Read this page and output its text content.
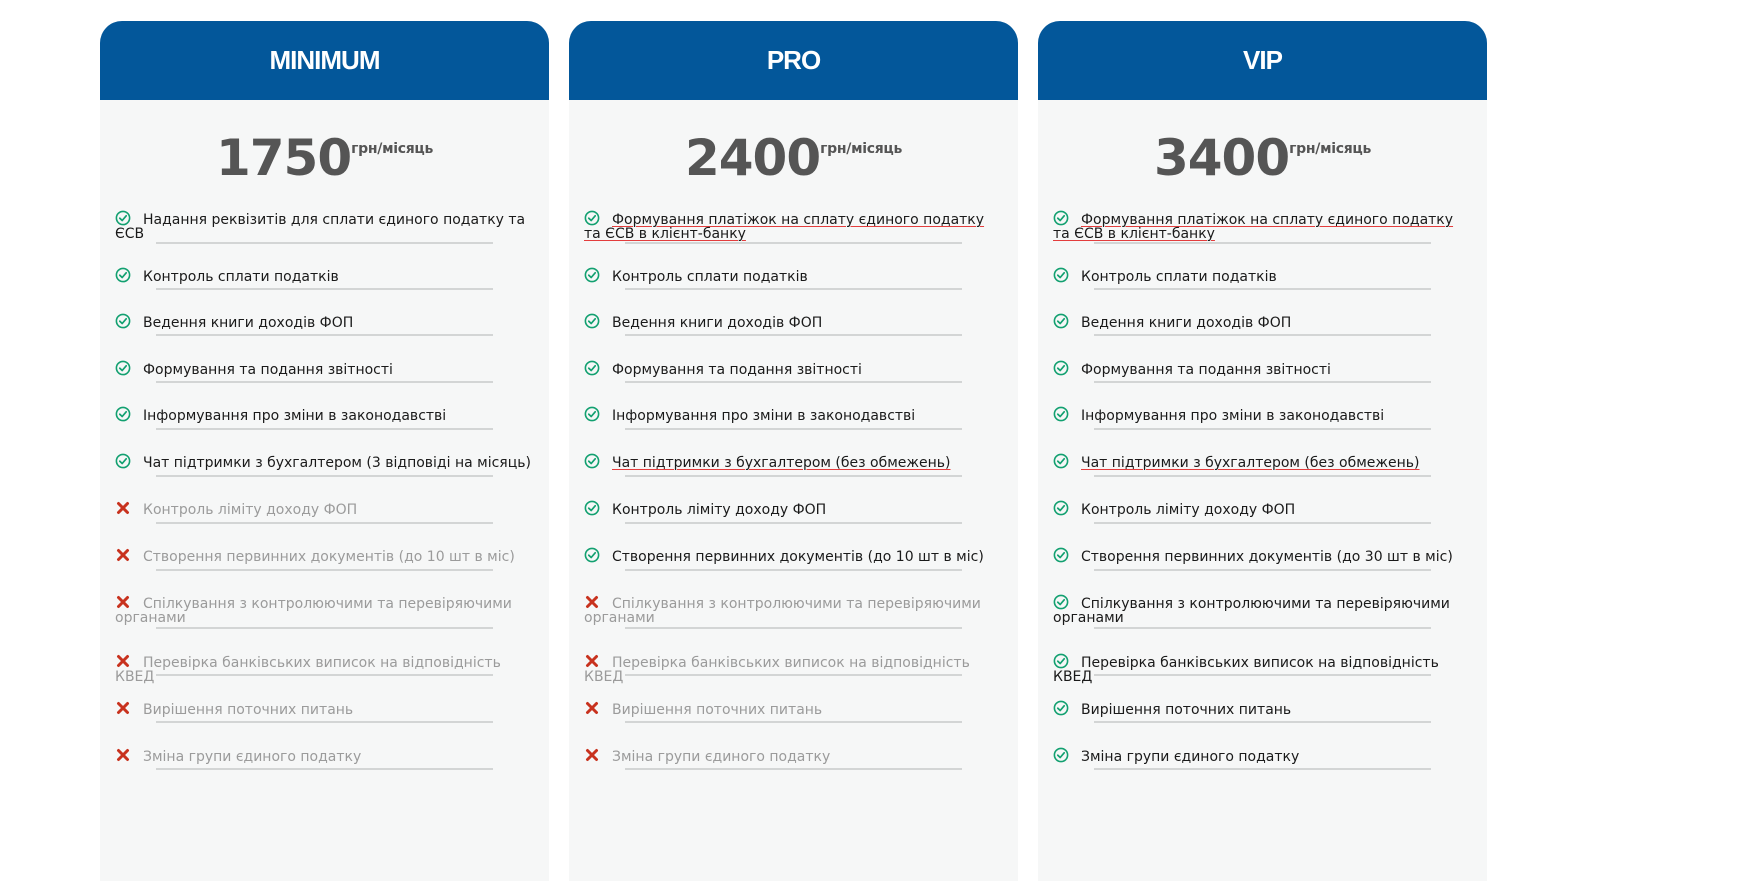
MINIMUM
1750 грн/місяць
Надання реквізитів для сплати єдиного податку та ЄСВ
Контроль сплати податків
Ведення книги доходів ФОП
Формування та подання звітності
Інформування про зміни в законодавстві
Чат підтримки з бухгалтером (3 відповіді на місяць)
Контроль ліміту доходу ФОП
Створення первинних документів (до 10 шт в міс)
Спілкування з контролюючими та перевіряючими органами
Перевірка банківських виписок на відповідність КВЕД
Вирішення поточних питань
Зміна групи єдиного податку
PRO
2400 грн/місяць
Формування платіжок на сплату єдиного податку та ЄСВ в клієнт-банку
Контроль сплати податків
Ведення книги доходів ФОП
Формування та подання звітності
Інформування про зміни в законодавстві
Чат підтримки з бухгалтером (без обмежень)
Контроль ліміту доходу ФОП
Створення первинних документів (до 10 шт в міс)
Спілкування з контролюючими та перевіряючими органами
Перевірка банківських виписок на відповідність КВЕД
Вирішення поточних питань
Зміна групи єдиного податку
VIP
3400 грн/місяць
Формування платіжок на сплату єдиного податку та ЄСВ в клієнт-банку
Контроль сплати податків
Ведення книги доходів ФОП
Формування та подання звітності
Інформування про зміни в законодавстві
Чат підтримки з бухгалтером (без обмежень)
Контроль ліміту доходу ФОП
Створення первинних документів (до 30 шт в міс)
Спілкування з контролюючими та перевіряючими органами
Перевірка банківських виписок на відповідність КВЕД
Вирішення поточних питань
Зміна групи єдиного податку
